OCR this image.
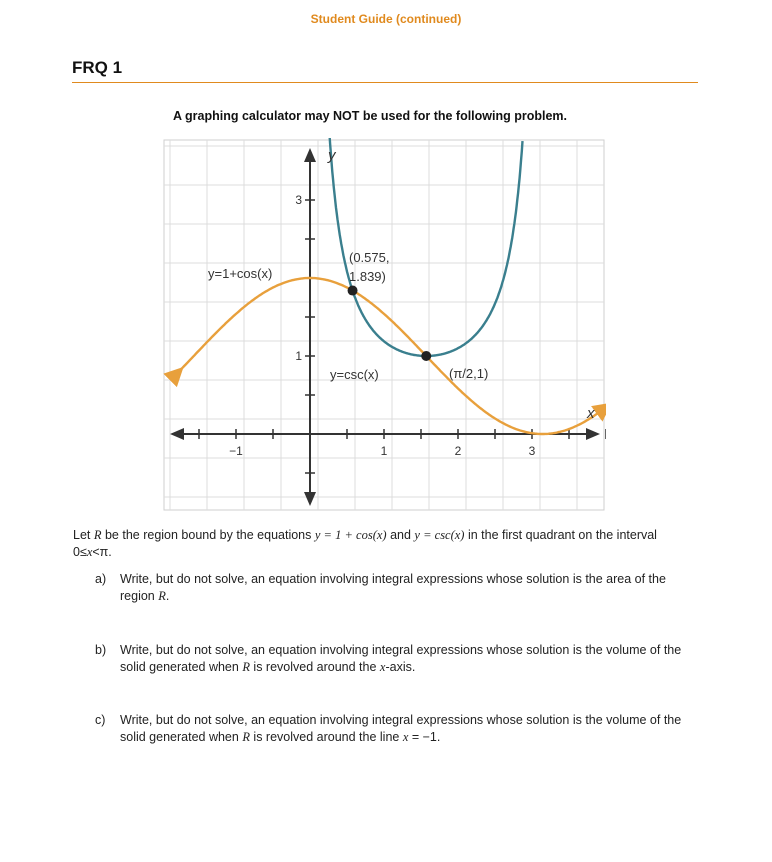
Student Guide (continued)
FRQ 1
A graphing calculator may NOT be used for the following problem.
−1	1	2	3
1
3
y
x
y=1+cos(x)
y=csc(x)
(0.575,
1.839)
(π/2,1)
Let R be the region bound by the equations y = 1 + cos(x) and y = csc(x) in the first quadrant on the interval 0≤x<π.
a) Write, but do not solve, an equation involving integral expressions whose solution is the area of the region R.
b) Write, but do not solve, an equation involving integral expressions whose solution is the volume of the solid generated when R is revolved around the x-axis.
c) Write, but do not solve, an equation involving integral expressions whose solution is the volume of the solid generated when R is revolved around the line x = −1.
